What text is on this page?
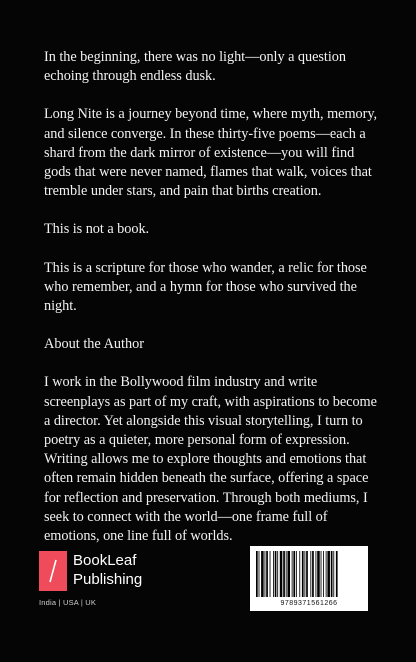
In the beginning, there was no light—only a question echoing through endless dusk.

Long Nite is a journey beyond time, where myth, memory, and silence converge. In these thirty-five poems—each a shard from the dark mirror of existence—you will find gods that were never named, flames that walk, voices that tremble under stars, and pain that births creation.

This is not a book.

This is a scripture for those who wander, a relic for those who remember, and a hymn for those who survived the night.

About the Author

I work in the Bollywood film industry and write screenplays as part of my craft, with aspirations to become a director. Yet alongside this visual storytelling, I turn to poetry as a quieter, more personal form of expression. Writing allows me to explore thoughts and emotions that often remain hidden beneath the surface, offering a space for reflection and preservation. Through both mediums, I seek to connect with the world—one frame full of emotions, one line full of worlds.

BookLeaf
Publishing
India | USA | UK	9789371561266
